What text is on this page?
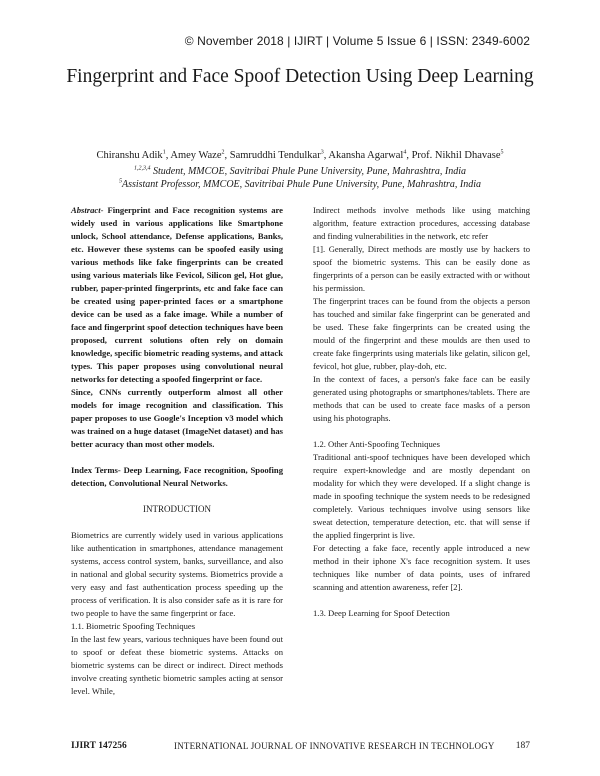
© November 2018 | IJIRT | Volume 5 Issue 6 | ISSN: 2349-6002
Fingerprint and Face Spoof Detection Using Deep Learning
Chiranshu Adik$^1$, Amey Waze$^2$, Samruddhi Tendulkar$^3$, Akansha Agarwal$^4$, Prof. Nikhil Dhavase$^5$
$^{1,2,3,4}$ Student, MMCOE, Savitribai Phule Pune University, Pune, Mahrashtra, India
$^5$Assistant Professor, MMCOE, Savitribai Phule Pune University, Pune, Mahrashtra, India

Abstract- Fingerprint and Face recognition systems are widely used in various applications like Smartphone unlock, School attendance, Defense applications, Banks, etc. However these systems can be spoofed easily using various methods like fake fingerprints can be created using various materials like Fevicol, Silicon gel, Hot glue, rubber, paper-printed fingerprints, etc and fake face can be created using paper-printed faces or a smartphone device can be used as a fake image. While a number of face and fingerprint spoof detection techniques have been proposed, current solutions often rely on domain knowledge, specific biometric reading systems, and attack types. This paper proposes using convolutional neural networks for detecting a spoofed fingerprint or face.

Since, CNNs currently outperform almost all other models for image recognition and classification. This paper proposes to use Google's Inception v3 model which was trained on a huge dataset (ImageNet dataset) and has better acuracy than most other models.

Index Terms- Deep Learning, Face recognition, Spoofing detection, Convolutional Neural Networks.

INTRODUCTION

Biometrics are currently widely used in various applications like authentication in smartphones, attendance management systems, access control system, banks, surveillance, and also in national and global security systems. Biometrics provide a very easy and fast authentication process speeding up the process of verification. It is also consider safe as it is rare for two people to have the same fingerprint or face.

1.1. Biometric Spoofing Techniques

In the last few years, various techniques have been found out to spoof or defeat these biometric systems. Attacks on biometric systems can be direct or indirect. Direct methods involve creating synthetic biometric samples acting at sensor level. While,

Indirect methods involve methods like using matching algorithm, feature extraction procedures, accessing database and finding vulnerabilities in the network, etc refer

[1]. Generally, Direct methods are mostly use by hackers to spoof the biometric systems. This can be easily done as fingerprints of a person can be easily extracted with or without his permission.

The fingerprint traces can be found from the objects a person has touched and similar fake fingerprint can be generated and be used. These fake fingerprints can be created using the mould of the fingerprint and these moulds are then used to create fake fingerprints using materials like gelatin, silicon gel, fevicol, hot glue, rubber, play-doh, etc.

In the context of faces, a person's fake face can be easily generated using photographs or smartphones/tablets. There are methods that can be used to create face masks of a person using his photographs.

1.2. Other Anti-Spoofing Techniques

Traditional anti-spoof techniques have been developed which require expert-knowledge and are mostly dependant on modality for which they were developed. If a slight change is made in spoofing technique the system needs to be redesigned completely. Various techniques involve using sensors like sweat detection, temperature detection, etc. that will sense if the applied fingerprint is live.

For detecting a fake face, recently apple introduced a new method in their iphone X's face recognition system. It uses techniques like number of data points, uses of infrared scanning and attention awareness, refer [2].

1.3. Deep Learning for Spoof Detection

IJIRT 147256	INTERNATIONAL JOURNAL OF INNOVATIVE RESEARCH IN TECHNOLOGY 187
